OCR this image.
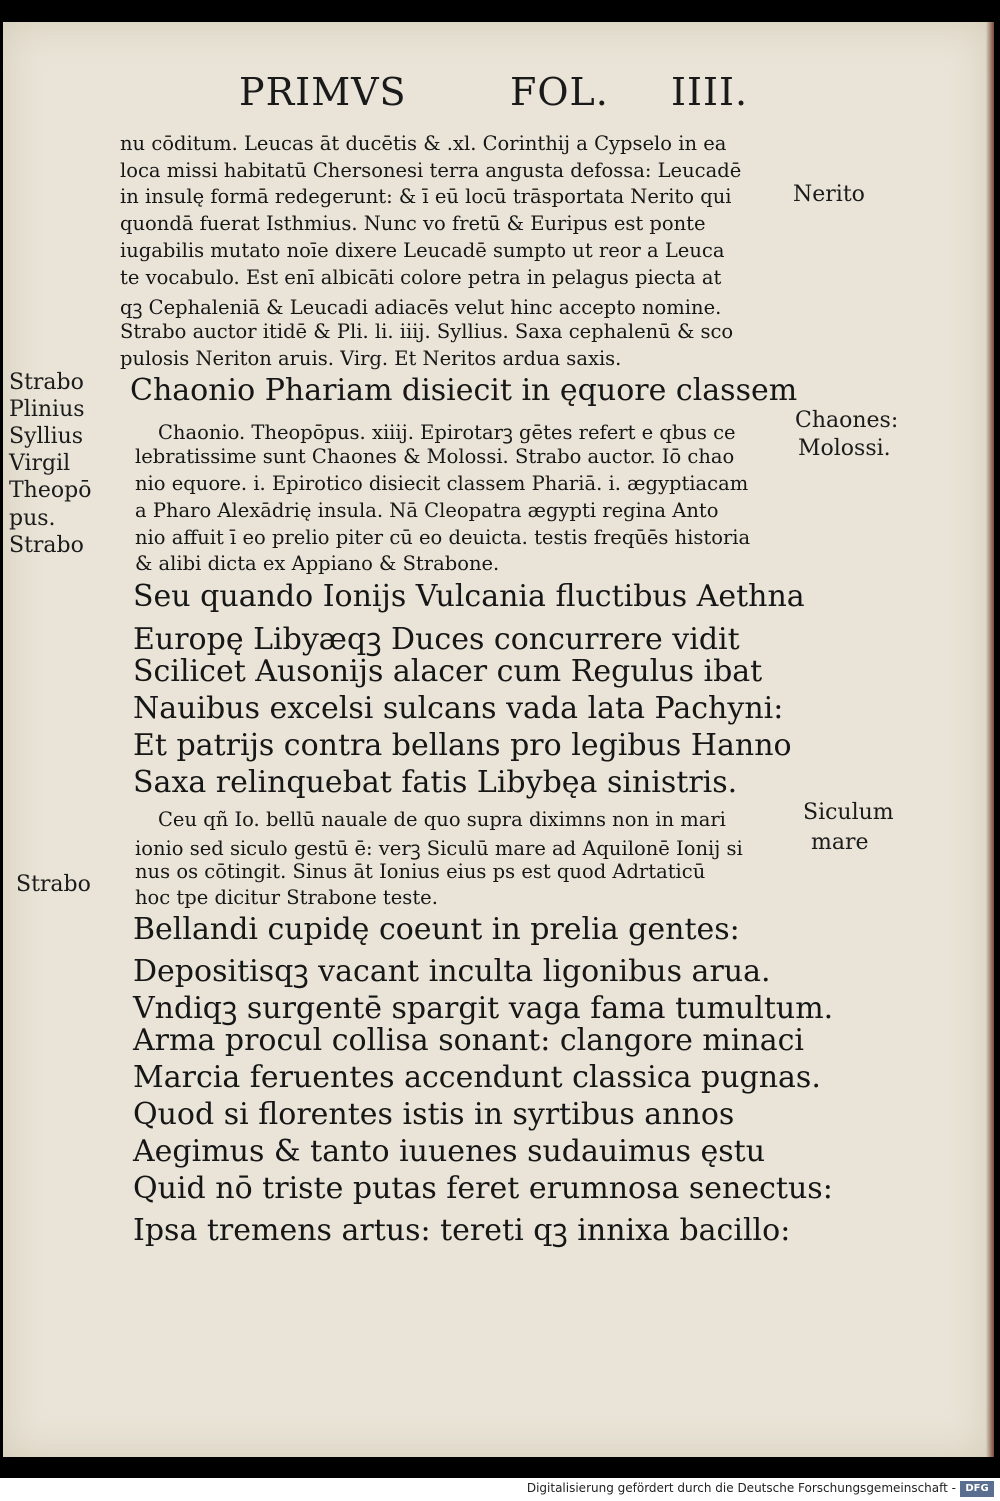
PRIMVS	FOL. IIII.
nu cōditum. Leucas āt ducētis & .xl. Corinthij a Cypselo in ea
loca missi habitatū Chersonesi terra angusta defossa: Leucadē
in insulę formā redegerunt: & ī eū locū trāsportata Nerito qui
quondā fuerat Isthmius. Nunc vo fretū & Euripus est ponte
iugabilis mutato noīe dixere Leucadē sumpto ut reor a Leuca
te vocabulo. Est enī albicāti colore petra in pelagus piecta at
qꝫ Cephaleniā & Leucadi adiacēs velut hinc accepto nomine.
Strabo auctor itidē & Pli. li. iiij. Syllius. Saxa cephalenū & sco
pulosis Neriton aruis. Virg. Et Neritos ardua saxis.
Chaonio Phariam disiecit in ęquore classem
Chaonio. Theopōpus. xiiij. Epirotarꝫ gētes refert e qbus ce
lebratissime sunt Chaones & Molossi. Strabo auctor. Iō chao
nio equore. i. Epirotico disiecit classem Phariā. i. ægyptiacam
a Pharo Alexādrię insula. Nā Cleopatra ægypti regina Anto
nio affuit ī eo prelio piter cū eo deuicta. testis freqūēs historia
& alibi dicta ex Appiano & Strabone.
Seu quando Ionijs Vulcania fluctibus Aethna
Europę Libyæqꝫ Duces concurrere vidit
Scilicet Ausonijs alacer cum Regulus ibat
Nauibus excelsi sulcans vada lata Pachyni:
Et patrijs contra bellans pro legibus Hanno
Saxa relinquebat fatis Libybęa sinistris.
Ceu qñ Io. bellū nauale de quo supra diximns non in mari
ionio sed siculo gestū ē: verꝫ Siculū mare ad Aquilonē Ionij si
nus os cōtingit. Sinus āt Ionius eius ps est quod Adrtaticū
hoc tpe dicitur Strabone teste.
Bellandi cupidę coeunt in prelia gentes:
Depositisqꝫ vacant inculta ligonibus arua.
Vndiqꝫ surgentē spargit vaga fama tumultum.
Arma procul collisa sonant: clangore minaci
Marcia feruentes accendunt classica pugnas.
Quod si florentes istis in syrtibus annos
Aegimus & tanto iuuenes sudauimus ęstu
Quid nō triste putas feret erumnosa senectus:
Ipsa tremens artus: tereti qꝫ innixa bacillo:
Strabo
Plinius
Syllius
Virgil
Theopō
pus.
Strabo
Strabo
Nerito
Chaones:
Molossi.
Siculum
mare
Digitalisierung gefördert durch die Deutsche Forschungsgemeinschaft - DFG
